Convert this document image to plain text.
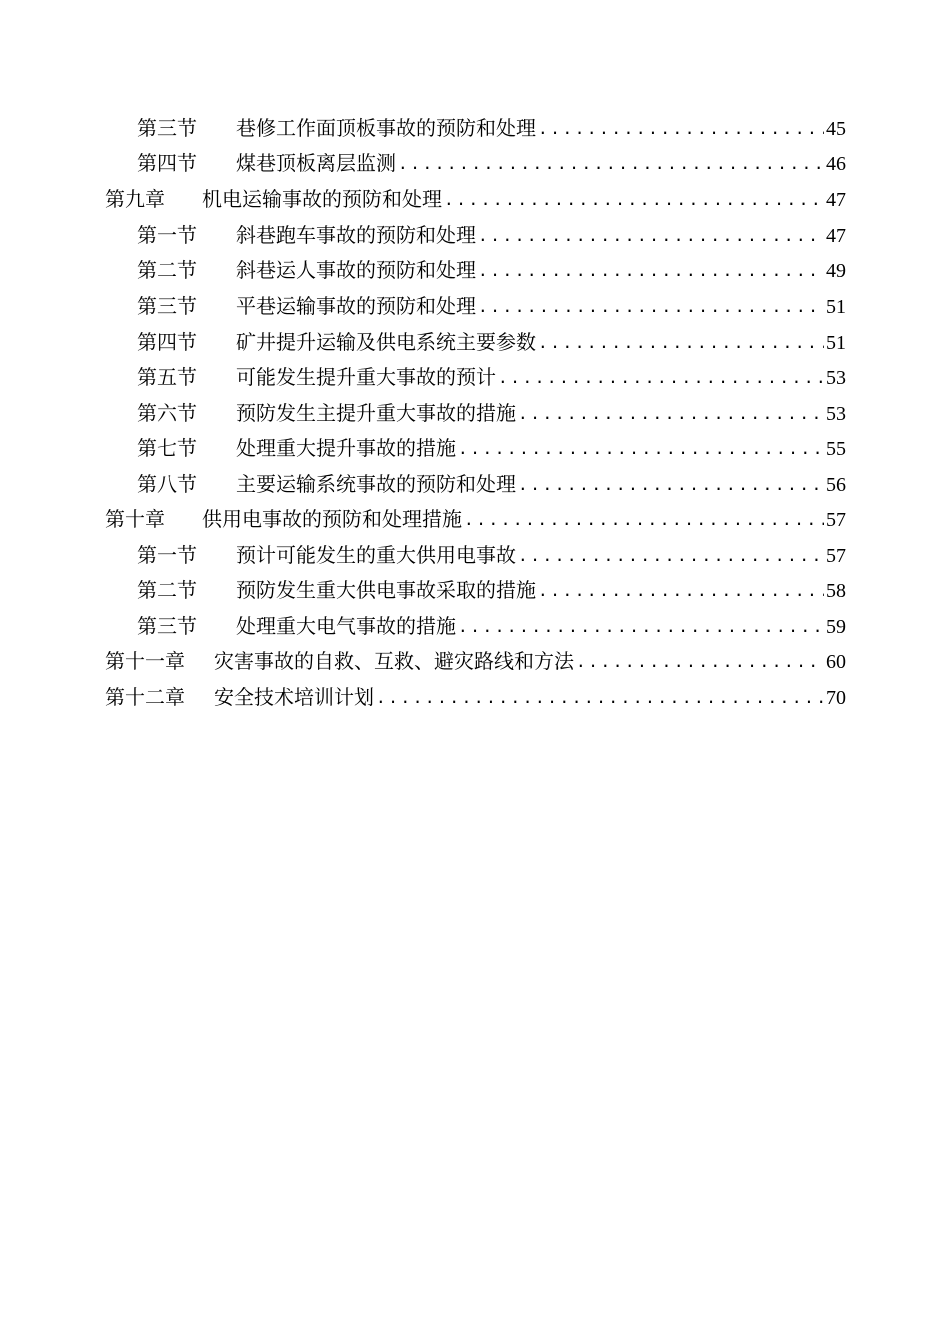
第三节	巷修工作面顶板事故的预防和处理 .....	45
第四节	煤巷顶板离层监测 .....	46
第九章	机电运输事故的预防和处理 .....	47
第一节	斜巷跑车事故的预防和处理 .....	47
第二节	斜巷运人事故的预防和处理 .....	49
第三节	平巷运输事故的预防和处理 .....	51
第四节	矿井提升运输及供电系统主要参数 .....	51
第五节	可能发生提升重大事故的预计 .....	53
第六节	预防发生主提升重大事故的措施 .....	53
第七节	处理重大提升事故的措施 .....	55
第八节	主要运输系统事故的预防和处理 .....	56
第十章	供用电事故的预防和处理措施 .....	57
第一节	预计可能发生的重大供用电事故 .....	57
第二节	预防发生重大供电事故采取的措施 .....	58
第三节	处理重大电气事故的措施 .....	59
第十一章	灾害事故的自救、互救、避灾路线和方法 .....	60
第十二章	安全技术培训计划 .....	70
